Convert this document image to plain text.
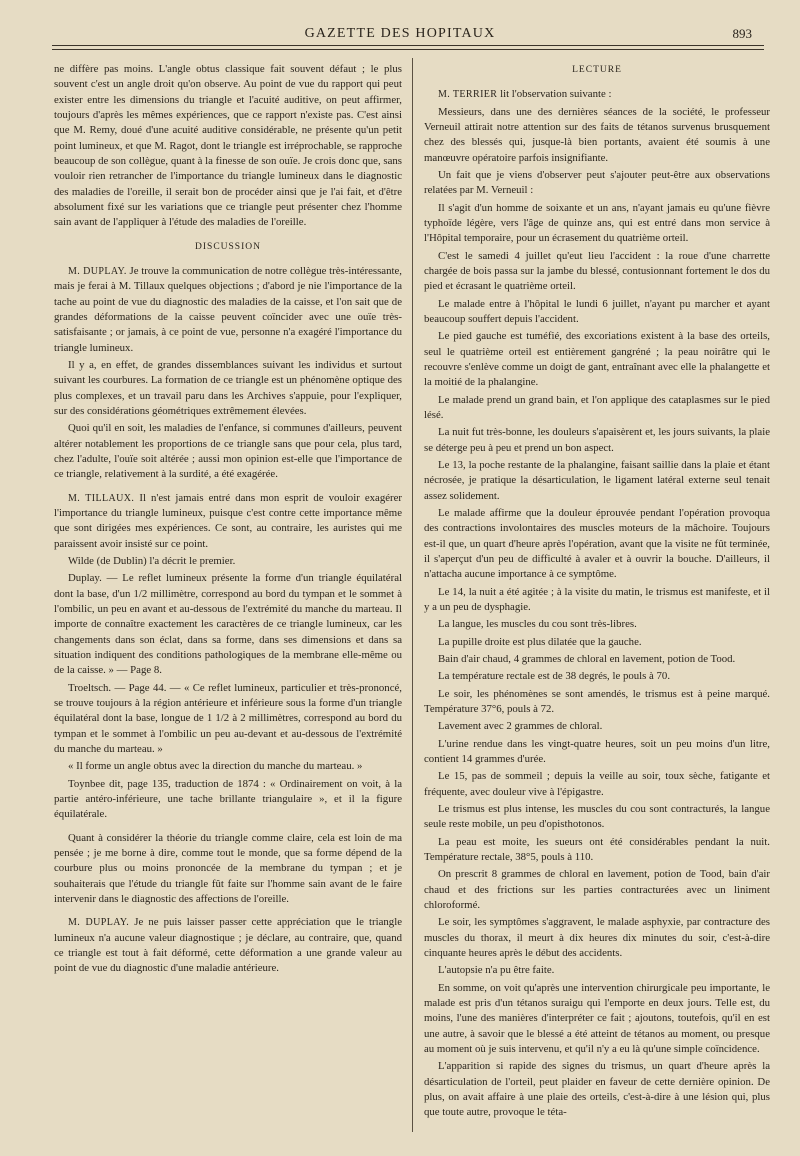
GAZETTE DES HOPITAUX	893

ne diffère pas moins. L'angle obtus classique fait souvent défaut ; le plus souvent c'est un angle droit qu'on observe. Au point de vue du rapport qui peut exister entre les dimensions du triangle et l'acuité auditive, on peut affirmer, toujours d'après les mêmes expériences, que ce rapport n'existe pas. C'est ainsi que M. Remy, doué d'une acuité auditive considérable, ne présente qu'un petit point lumineux, et que M. Ragot, dont le triangle est irréprochable, se rapproche beaucoup de son collègue, quant à la finesse de son ouïe. Je crois donc que, sans vouloir rien retrancher de l'importance du triangle lumineux dans le diagnostic des maladies de l'oreille, il serait bon de procéder ainsi que je l'ai fait, et d'être absolument fixé sur les variations que ce triangle peut présenter chez l'homme sain avant de l'appliquer à l'étude des maladies de l'oreille.

DISCUSSION

M. DUPLAY. Je trouve la communication de notre collègue très-intéressante, mais je ferai à M. Tillaux quelques objections ; d'abord je nie l'importance de la tache au point de vue du diagnostic des maladies de la caisse, et l'on sait que de grandes déformations de la caisse peuvent coïncider avec une ouïe très-satisfaisante ; or jamais, à ce point de vue, personne n'a exagéré l'importance du triangle lumineux.

Il y a, en effet, de grandes dissemblances suivant les individus et surtout suivant les courbures. La formation de ce triangle est un phénomène optique des plus complexes, et un travail paru dans les Archives s'appuie, pour l'expliquer, sur des considérations géométriques extrêmement élevées.

Quoi qu'il en soit, les maladies de l'enfance, si communes d'ailleurs, peuvent altérer notablement les proportions de ce triangle sans que pour cela, plus tard, chez l'adulte, l'ouïe soit altérée ; aussi mon opinion est-elle que l'importance de ce triangle, relativement à la surdité, a été exagérée.

M. TILLAUX. Il n'est jamais entré dans mon esprit de vouloir exagérer l'importance du triangle lumineux, puisque c'est contre cette importance même que sont dirigées mes expériences. Ce sont, au contraire, les auristes qui me paraissent avoir insisté sur ce point.

Wilde (de Dublin) l'a décrit le premier.

Duplay. — Le reflet lumineux présente la forme d'un triangle équilatéral dont la base, d'un 1/2 millimètre, correspond au bord du tympan et le sommet à l'ombilic, un peu en avant et au-dessous de l'extrémité du manche du marteau. Il importe de connaître exactement les caractères de ce triangle lumineux, car les changements dans son éclat, dans sa forme, dans ses dimensions et dans sa situation indiquent des conditions pathologiques de la membrane elle-même ou de la caisse. » — Page 8.

Troeltsch. — Page 44. — « Ce reflet lumineux, particulier et très-prononcé, se trouve toujours à la région antérieure et inférieure sous la forme d'un triangle équilatéral dont la base, longue de 1 1/2 à 2 millimètres, correspond au bord du tympan et le sommet à l'ombilic un peu au-devant et au-dessous de l'extrémité du manche du marteau. »

« Il forme un angle obtus avec la direction du manche du marteau. »

Toynbee dit, page 135, traduction de 1874 : « Ordinairement on voit, à la partie antéro-inférieure, une tache brillante triangulaire », et il la figure équilatérale.

Quant à considérer la théorie du triangle comme claire, cela est loin de ma pensée ; je me borne à dire, comme tout le monde, que sa forme dépend de la courbure plus ou moins prononcée de la membrane du tympan ; et je souhaiterais que l'étude du triangle fût faite sur l'homme sain avant de le faire intervenir dans le diagnostic des affections de l'oreille.

M. DUPLAY. Je ne puis laisser passer cette appréciation que le triangle lumineux n'a aucune valeur diagnostique ; je déclare, au contraire, que, quand ce triangle est tout à fait déformé, cette déformation a une grande valeur au point de vue du diagnostic d'une maladie antérieure.

LECTURE

M. TERRIER lit l'observation suivante :

Messieurs, dans une des dernières séances de la société, le professeur Verneuil attirait notre attention sur des faits de tétanos survenus brusquement chez des blessés qui, jusque-là bien portants, avaient été soumis à une manœuvre opératoire parfois insignifiante.

Un fait que je viens d'observer peut s'ajouter peut-être aux observations relatées par M. Verneuil :

Il s'agit d'un homme de soixante et un ans, n'ayant jamais eu qu'une fièvre typhoïde légère, vers l'âge de quinze ans, qui est entré dans mon service à l'Hôpital temporaire, pour un écrasement du quatrième orteil.

C'est le samedi 4 juillet qu'eut lieu l'accident : la roue d'une charrette chargée de bois passa sur la jambe du blessé, contusionnant fortement le dos du pied et écrasant le quatrième orteil.

Le malade entre à l'hôpital le lundi 6 juillet, n'ayant pu marcher et ayant beaucoup souffert depuis l'accident.

Le pied gauche est tuméfié, des excoriations existent à la base des orteils, seul le quatrième orteil est entièrement gangréné ; la peau noirâtre qui le recouvre s'enlève comme un doigt de gant, entraînant avec elle la phalangette et la moitié de la phalangine.

Le malade prend un grand bain, et l'on applique des cataplasmes sur le pied lésé.

La nuit fut très-bonne, les douleurs s'apaisèrent et, les jours suivants, la plaie se déterge peu à peu et prend un bon aspect.

Le 13, la poche restante de la phalangine, faisant saillie dans la plaie et étant nécrosée, je pratique la désarticulation, le ligament latéral externe seul tenait assez solidement.

Le malade affirme que la douleur éprouvée pendant l'opération provoqua des contractions involontaires des muscles moteurs de la mâchoire. Toujours est-il que, un quart d'heure après l'opération, avant que la visite ne fût terminée, il s'aperçut d'un peu de difficulté à avaler et à ouvrir la bouche. D'ailleurs, il n'attacha aucune importance à ce symptôme.

Le 14, la nuit a été agitée ; à la visite du matin, le trismus est manifeste, et il y a un peu de dysphagie.

La langue, les muscles du cou sont très-libres.

La pupille droite est plus dilatée que la gauche.

Bain d'air chaud, 4 grammes de chloral en lavement, potion de Tood.

La température rectale est de 38 degrés, le pouls à 70.

Le soir, les phénomènes se sont amendés, le trismus est à peine marqué. Température 37°6, pouls à 72.

Lavement avec 2 grammes de chloral.

L'urine rendue dans les vingt-quatre heures, soit un peu moins d'un litre, contient 14 grammes d'urée.

Le 15, pas de sommeil ; depuis la veille au soir, toux sèche, fatigante et fréquente, avec douleur vive à l'épigastre.

Le trismus est plus intense, les muscles du cou sont contracturés, la langue seule reste mobile, un peu d'opisthotonos.

La peau est moite, les sueurs ont été considérables pendant la nuit. Température rectale, 38°5, pouls à 110.

On prescrit 8 grammes de chloral en lavement, potion de Tood, bain d'air chaud et des frictions sur les parties contracturées avec un liniment chloroformé.

Le soir, les symptômes s'aggravent, le malade asphyxie, par contracture des muscles du thorax, il meurt à dix heures dix minutes du soir, c'est-à-dire cinquante heures après le début des accidents.

L'autopsie n'a pu être faite.

En somme, on voit qu'après une intervention chirurgicale peu importante, le malade est pris d'un tétanos suraigu qui l'emporte en deux jours. Telle est, du moins, l'une des manières d'interpréter ce fait ; ajoutons, toutefois, qu'il en est une autre, à savoir que le blessé a été atteint de tétanos au moment, ou presque au moment où je suis intervenu, et qu'il n'y a eu là qu'une simple coïncidence.

L'apparition si rapide des signes du trismus, un quart d'heure après la désarticulation de l'orteil, peut plaider en faveur de cette dernière opinion. De plus, on avait affaire à une plaie des orteils, c'est-à-dire à une lésion qui, plus que toute autre, provoque le téta-
